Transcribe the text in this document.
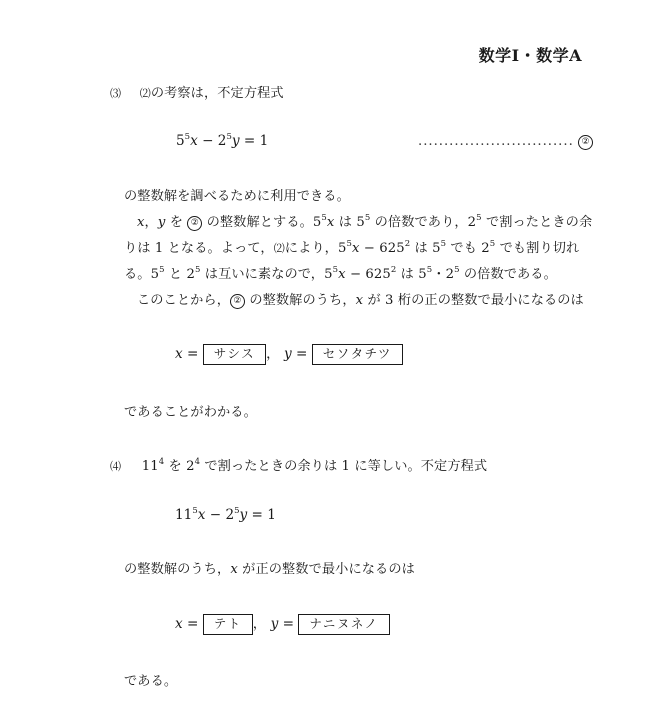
数学Ⅰ・数学A
⑶ ⑵の考察は，不定方程式
$5^5x - 2^5y = 1$	.............................. ②
の整数解を調べるために利用できる。
x，y を ② の整数解とする。$5^5x$ は $5^5$ の倍数であり，$2^5$ で割ったときの余
りは 1 となる。よって，⑵により，$5^5x - 625^2$ は $5^5$ でも $2^5$ でも割り切れ
る。$5^5$ と $2^5$ は互いに素なので，$5^5x - 625^2$ は $5^5$・$2^5$ の倍数である。
このことから， ② の整数解のうち，x が 3 桁の正の整数で最小になるのは
x = サシス ， y = セソタチツ
であることがわかる。
⑷ $11^4$ を $2^4$ で割ったときの余りは 1 に等しい。不定方程式
$11^5x - 2^5y = 1$
の整数解のうち，x が正の整数で最小になるのは
x = テト ， y = ナニヌネノ
である。
